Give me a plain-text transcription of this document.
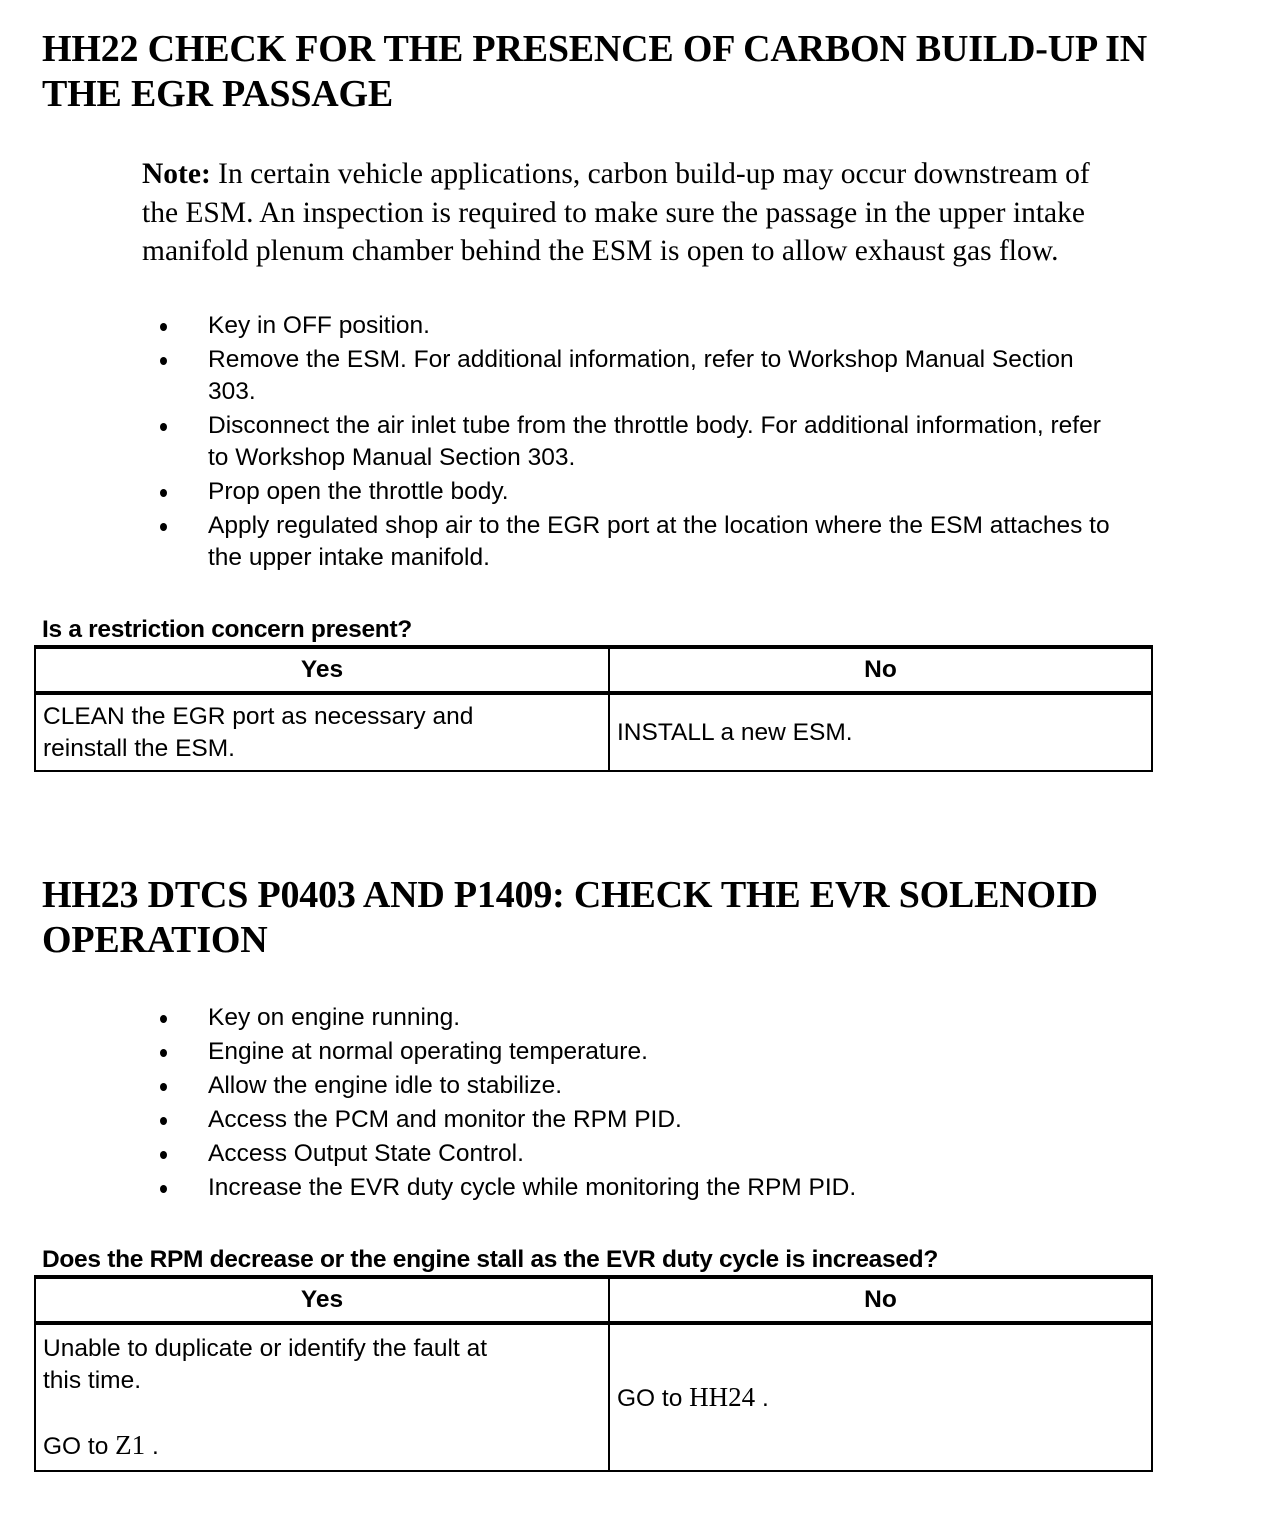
HH22 CHECK FOR THE PRESENCE OF CARBON BUILD-UP IN
THE EGR PASSAGE
Note: In certain vehicle applications, carbon build-up may occur downstream of
the ESM. An inspection is required to make sure the passage in the upper intake
manifold plenum chamber behind the ESM is open to allow exhaust gas flow.
Key in OFF position.
Remove the ESM. For additional information, refer to Workshop Manual Section
303.
Disconnect the air inlet tube from the throttle body. For additional information, refer
to Workshop Manual Section 303.
Prop open the throttle body.
Apply regulated shop air to the EGR port at the location where the ESM attaches to
the upper intake manifold.

Is a restriction concern present?

Yes	No

CLEAN the EGR port as necessary and
reinstall the ESM.	INSTALL a new ESM.
HH23 DTCS P0403 AND P1409: CHECK THE EVR SOLENOID
OPERATION
Key on engine running.
Engine at normal operating temperature.
Allow the engine idle to stabilize.
Access the PCM and monitor the RPM PID.
Access Output State Control.
Increase the EVR duty cycle while monitoring the RPM PID.

Does the RPM decrease or the engine stall as the EVR duty cycle is increased?

Yes	No

Unable to duplicate or identify the fault at
this time.
GO to Z1 .	GO to HH24 .
